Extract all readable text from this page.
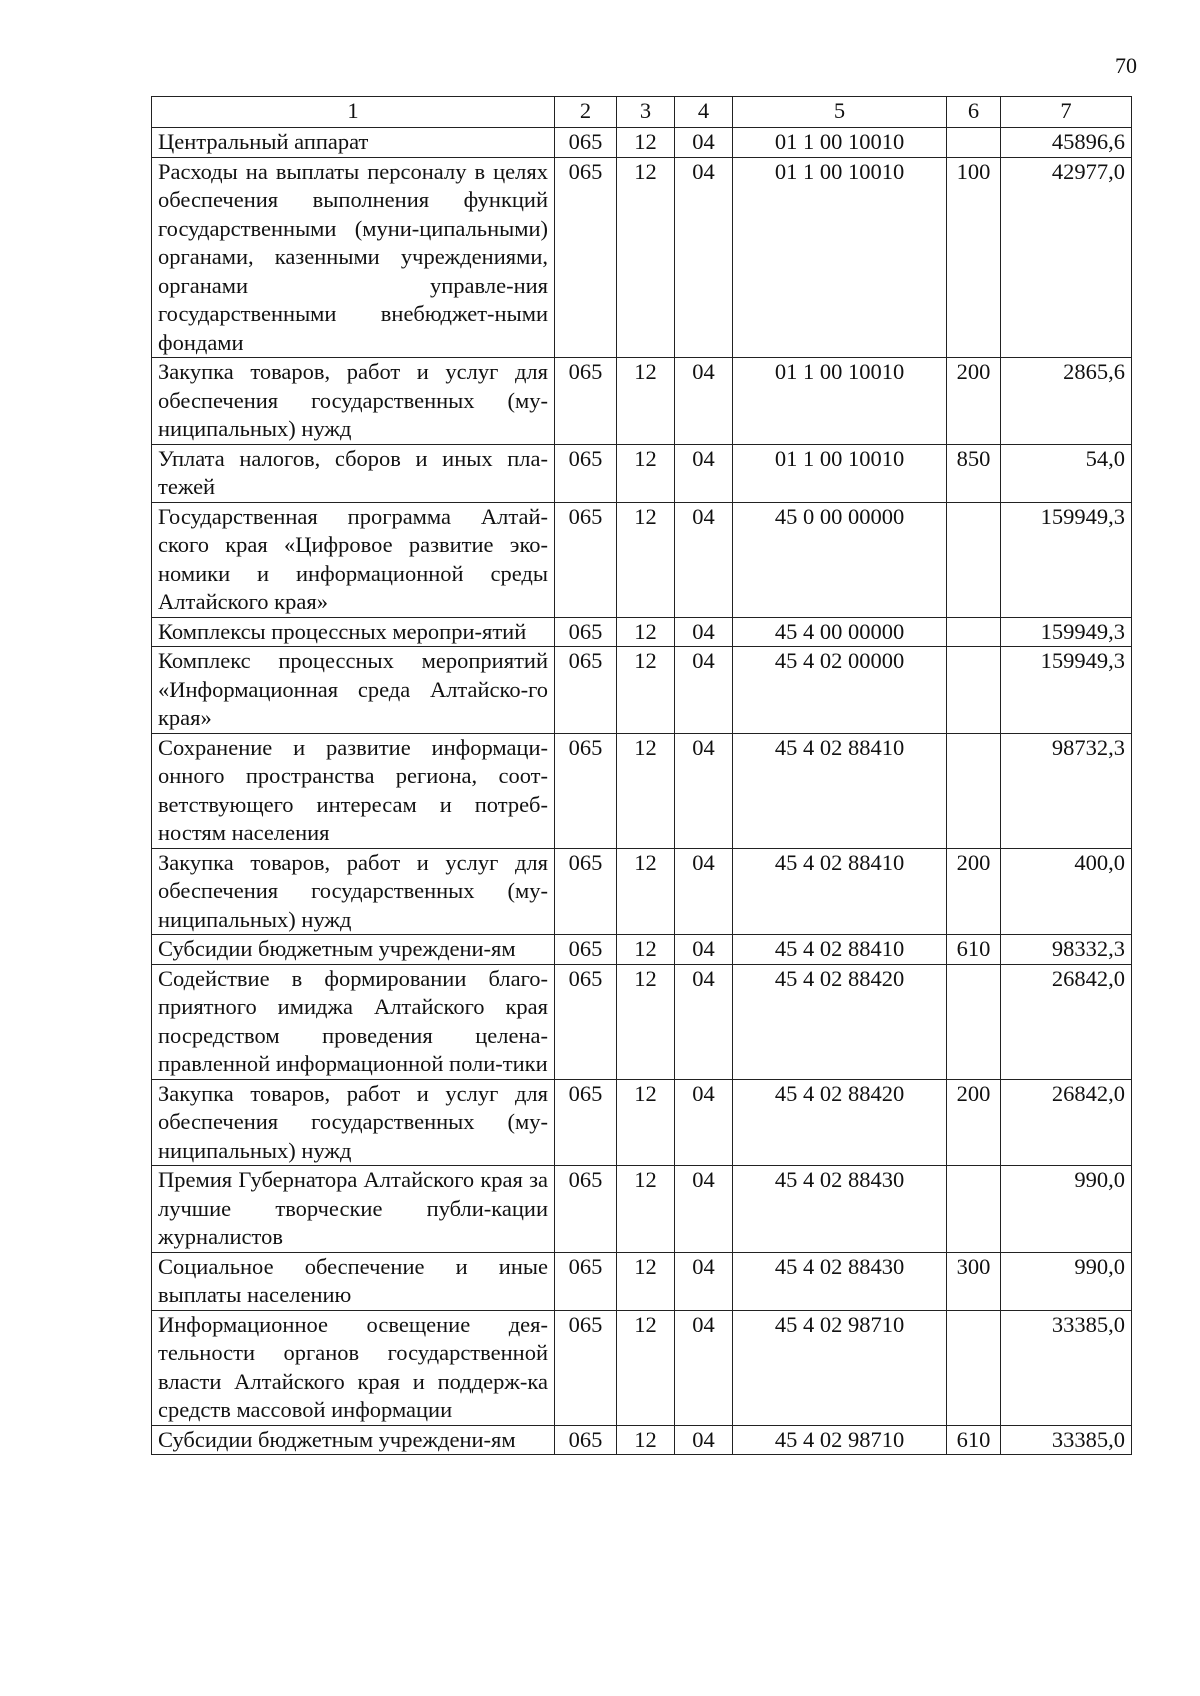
70
1	2	3	4	5	6	7
Центральный аппарат	065	12	04	01 1 00 10010		45896,6
Расходы на выплаты персоналу в целях обеспечения выполнения функций государственными (муни-ципальными) органами, казенными учреждениями, органами управле-ния государственными внебюджет-ными фондами	065	12	04	01 1 00 10010	100	42977,0
Закупка товаров, работ и услуг для обеспечения государственных (му-ниципальных) нужд	065	12	04	01 1 00 10010	200	2865,6
Уплата налогов, сборов и иных пла-тежей	065	12	04	01 1 00 10010	850	54,0
Государственная программа Алтай-ского края «Цифровое развитие эко-номики и информационной среды Алтайского края»	065	12	04	45 0 00 00000		159949,3
Комплексы процессных меропри-ятий	065	12	04	45 4 00 00000		159949,3
Комплекс процессных мероприятий «Информационная среда Алтайско-го края»	065	12	04	45 4 02 00000		159949,3
Сохранение и развитие информаци-онного пространства региона, соот-ветствующего интересам и потреб-ностям населения	065	12	04	45 4 02 88410		98732,3
Закупка товаров, работ и услуг для обеспечения государственных (му-ниципальных) нужд	065	12	04	45 4 02 88410	200	400,0
Субсидии бюджетным учреждени-ям	065	12	04	45 4 02 88410	610	98332,3
Содействие в формировании благо-приятного имиджа Алтайского края посредством проведения целена-правленной информационной поли-тики	065	12	04	45 4 02 88420		26842,0
Закупка товаров, работ и услуг для обеспечения государственных (му-ниципальных) нужд	065	12	04	45 4 02 88420	200	26842,0
Премия Губернатора Алтайского края за лучшие творческие публи-кации журналистов	065	12	04	45 4 02 88430		990,0
Социальное обеспечение и иные выплаты населению	065	12	04	45 4 02 88430	300	990,0
Информационное освещение дея-тельности органов государственной власти Алтайского края и поддерж-ка средств массовой информации	065	12	04	45 4 02 98710		33385,0
Субсидии бюджетным учреждени-ям	065	12	04	45 4 02 98710	610	33385,0
